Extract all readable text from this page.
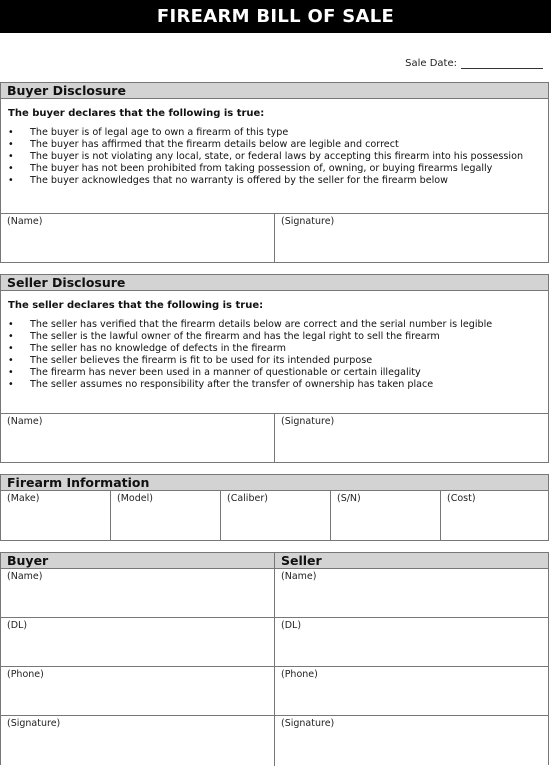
FIREARM BILL OF SALE
Sale Date:
Buyer Disclosure
The buyer declares that the following is true:
• The buyer is of legal age to own a firearm of this type
• The buyer has affirmed that the firearm details below are legible and correct
• The buyer is not violating any local, state, or federal laws by accepting this firearm into his possession
• The buyer has not been prohibited from taking possession of, owning, or buying firearms legally
• The buyer acknowledges that no warranty is offered by the seller for the firearm below
(Name)	(Signature)
Seller Disclosure
The seller declares that the following is true:
• The seller has verified that the firearm details below are correct and the serial number is legible
• The seller is the lawful owner of the firearm and has the legal right to sell the firearm
• The seller has no knowledge of defects in the firearm
• The seller believes the firearm is fit to be used for its intended purpose
• The firearm has never been used in a manner of questionable or certain illegality
• The seller assumes no responsibility after the transfer of ownership has taken place
(Name)	(Signature)
Firearm Information
(Make)	(Model)	(Caliber)	(S/N)	(Cost)
Buyer	Seller
(Name)	(Name)
(DL)	(DL)
(Phone)	(Phone)
(Signature)	(Signature)
